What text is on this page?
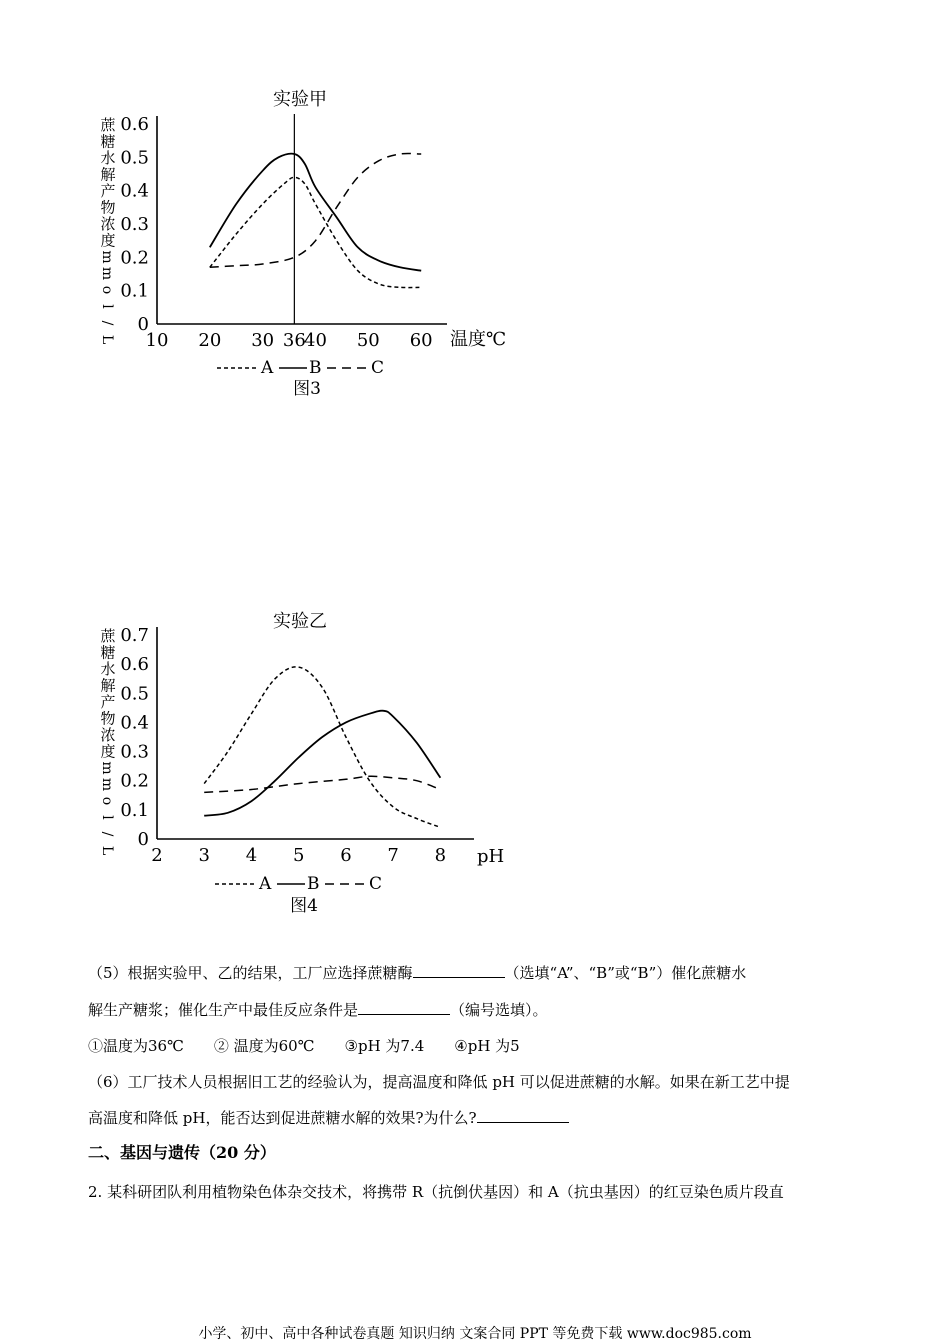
实验甲
蔗
糖
水
解
产
物
浓
度
m
m
o
l
/
L
0
0.1
0.2
0.3
0.4
0.5
0.6
10 20 30 36
40 50 60 温度℃
A B	C
图3
实验乙
蔗
糖
水
解
产
物
浓
度
m
m
o
l
/
L
0
0.1
0.2
0.3
0.4
0.5
0.6
0.7
2 3 4 5 6 7 8 pH
A B	C
图4
（5）根据实验甲、乙的结果，工厂应选择蔗糖酶	（选填“A”、“B”或“B”）催化蔗糖水
解生产糖浆；催化生产中最佳反应条件是	（编号选填）。
①温度为36℃ ② 温度为60℃ ③pH 为7.4 ④pH 为5
（6）工厂技术人员根据旧工艺的经验认为，提高温度和降低 pH 可以促进蔗糖的水解。如果在新工艺中提
高温度和降低 pH，能否达到促进蔗糖水解的效果?为什么?
二、基因与遗传（20 分）
2. 某科研团队利用植物染色体杂交技术，将携带 R（抗倒伏基因）和 A（抗虫基因）的红豆染色质片段直
小学、初中、高中各种试卷真题 知识归纳 文案合同 PPT 等免费下载 www.doc985.com
